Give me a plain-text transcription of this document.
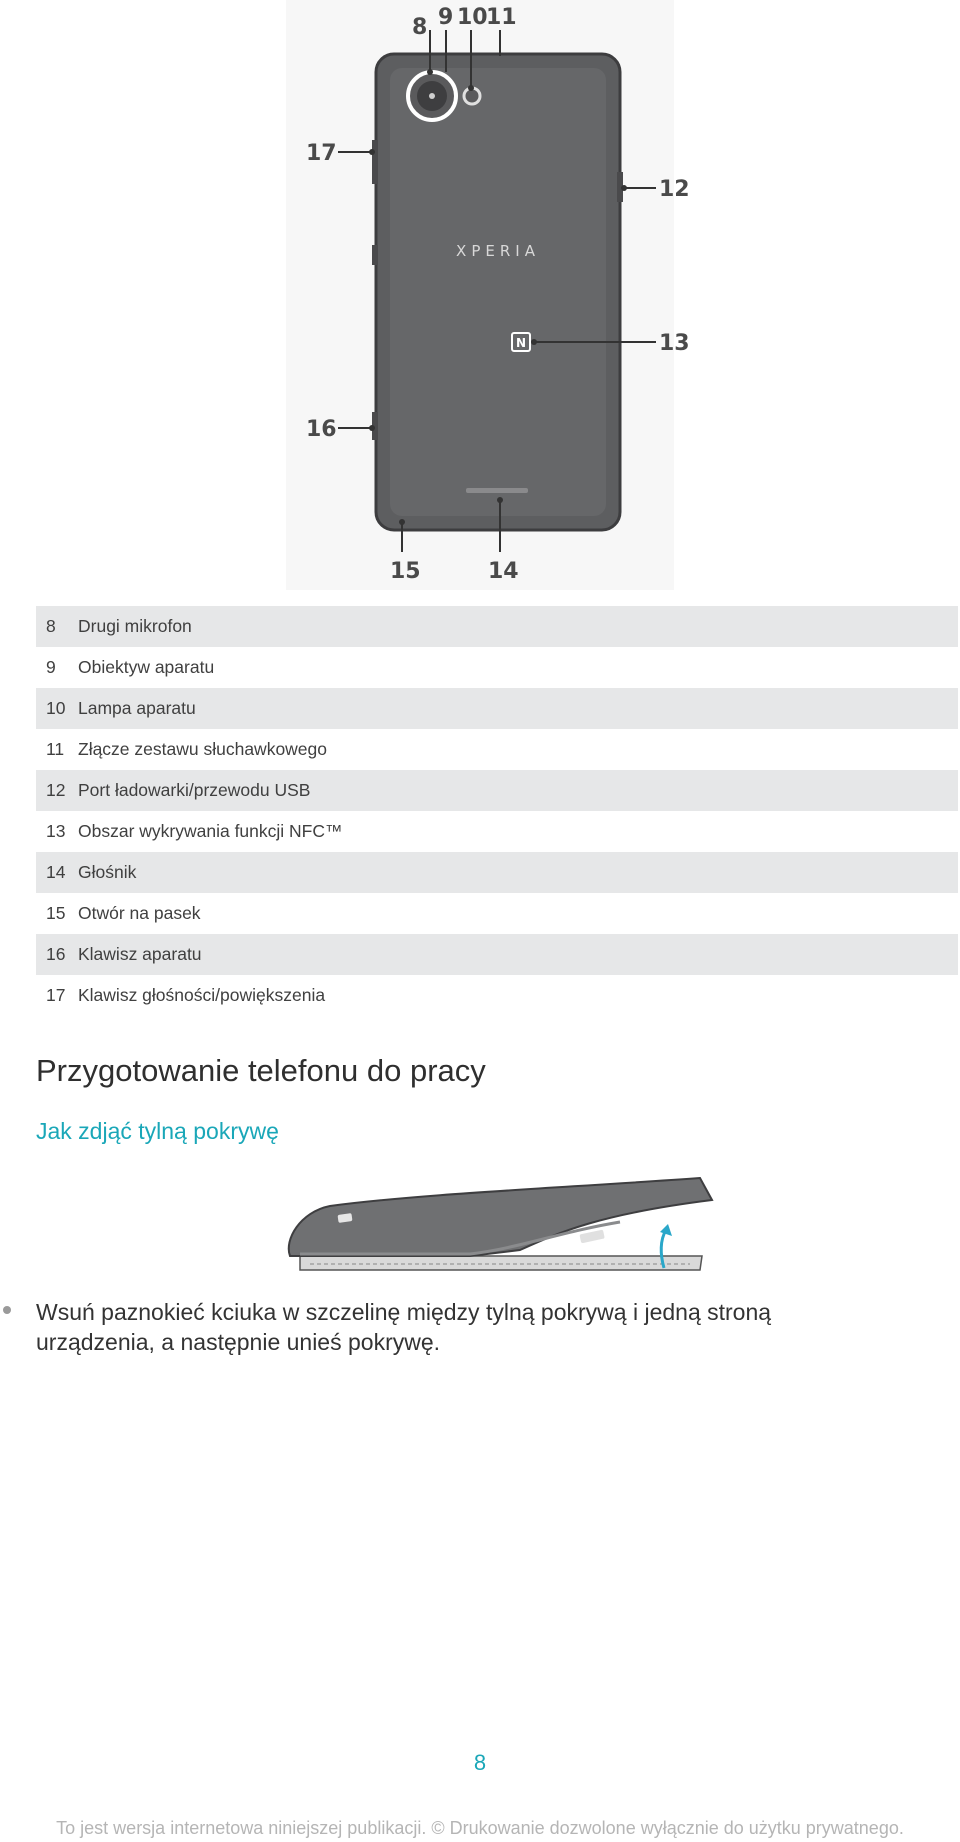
XPERIA
N
8 9 10
11
12
13
14
15
16
17
8	Drugi mikrofon
9	Obiektyw aparatu
10 Lampa aparatu
11 Złącze zestawu słuchawkowego
12 Port ładowarki/przewodu USB
13 Obszar wykrywania funkcji NFC™
14 Głośnik
15 Otwór na pasek
16 Klawisz aparatu
17 Klawisz głośności/powiększenia
Przygotowanie telefonu do pracy
Jak zdjąć tylną pokrywę
Wsuń paznokieć kciuka w szczelinę między tylną pokrywą i jedną stroną urządzenia, a następnie unieś pokrywę.
8
To jest wersja internetowa niniejszej publikacji. © Drukowanie dozwolone wyłącznie do użytku prywatnego.
